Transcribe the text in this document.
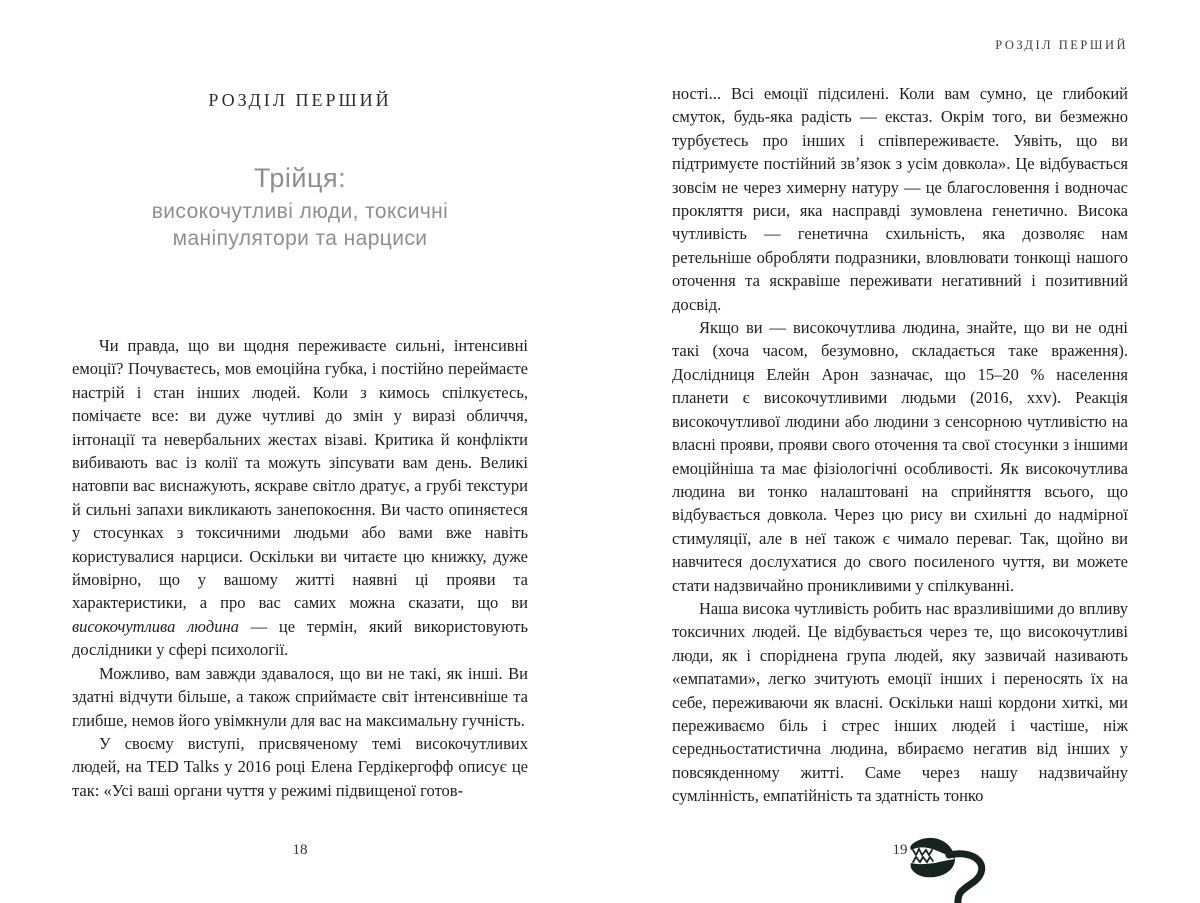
РОЗДІЛ ПЕРШИЙ
Трійця:
високочутливі люди, токсичні
маніпулятори та нарциси

Чи правда, що ви щодня переживаєте сильні, інтенсивні емоції? Почуваєтесь, мов емоційна губка, і постійно переймаєте настрій і стан інших людей. Коли з кимось спілкуєтесь, помічаєте все: ви дуже чутливі до змін у виразі обличчя, інтонації та невербальних жестах візаві. Критика й конфлікти вибивають вас із колії та можуть зіпсувати вам день. Великі натовпи вас виснажують, яскраве світло дратує, а грубі текстури й сильні запахи викликають занепокоєння. Ви часто опиняєтеся у стосунках з токсичними людьми або вами вже навіть користувалися нарциси. Оскільки ви читаєте цю книжку, дуже ймовірно, що у вашому житті наявні ці прояви та характеристики, а про вас самих можна сказати, що ви високочутлива людина — це термін, який використовують дослідники у сфері психології.

Можливо, вам завжди здавалося, що ви не такі, як інші. Ви здатні відчути більше, а також сприймаєте світ інтенсивніше та глибше, немов його увімкнули для вас на максимальну гучність.

У своєму виступі, присвяченому темі високочутливих людей, на TED Talks у 2016 році Елена Гердікергофф описує це так: «Усі ваші органи чуття у режимі підвищеної готов-

18
РОЗДІЛ ПЕРШИЙ

ності... Всі емоції підсилені. Коли вам сумно, це глибокий смуток, будь-яка радість — екстаз. Окрім того, ви безмежно турбуєтесь про інших і співпереживаєте. Уявіть, що ви підтримуєте постійний звʼязок з усім довкола». Це відбувається зовсім не через химерну натуру — це благословення і водночас прокляття риси, яка насправді зумовлена генетично. Висока чутливість — генетична схильність, яка дозволяє нам ретельніше обробляти подразники, вловлювати тонкощі нашого оточення та яскравіше переживати негативний і позитивний досвід.

Якщо ви — високочутлива людина, знайте, що ви не одні такі (хоча часом, безумовно, складається таке враження). Дослідниця Елейн Арон зазначає, що 15–20 % населення планети є високочутливими людьми (2016, xxv). Реакція високочутливої людини або людини з сенсорною чутливістю на власні прояви, прояви свого оточення та свої стосунки з іншими емоційніша та має фізіологічні особливості. Як високочутлива людина ви тонко налаштовані на сприйняття всього, що відбувається довкола. Через цю рису ви схильні до надмірної стимуляції, але в неї також є чимало переваг. Так, щойно ви навчитеся дослухатися до свого посиленого чуття, ви можете стати надзвичайно проникливими у спілкуванні.

Наша висока чутливість робить нас вразливішими до впливу токсичних людей. Це відбувається через те, що високочутливі люди, як і споріднена група людей, яку зазвичай називають «емпатами», легко зчитують емоції інших і переносять їх на себе, переживаючи як власні. Оскільки наші кордони хиткі, ми переживаємо біль і стрес інших людей і частіше, ніж середньостатистична людина, вбираємо негатив від інших у повсякденному житті. Саме через нашу надзвичайну сумлінність, емпатійність та здатність тонко

19
